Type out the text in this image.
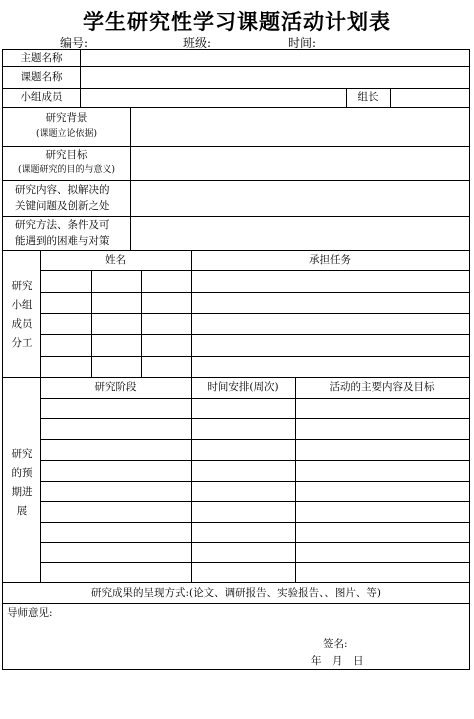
学生研究性学习课题活动计划表
编号:	班级:	时间:
主题名称
课题名称
小组成员	组长
研究背景
(课题立论依据)
研究目标
(课题研究的目的与意义)
研究内容、拟解决的
关键问题及创新之处
研究方法、条件及可
能遇到的困难与对策
研究
小组
成员
分工
姓名	承担任务
研究
的预
期进
展
研究阶段	时间安排(周次)	活动的主要内容及目标
研究成果的呈现方式:(论文、调研报告、实验报告、、图片、等)
导师意见:
签名:
年　月　日
